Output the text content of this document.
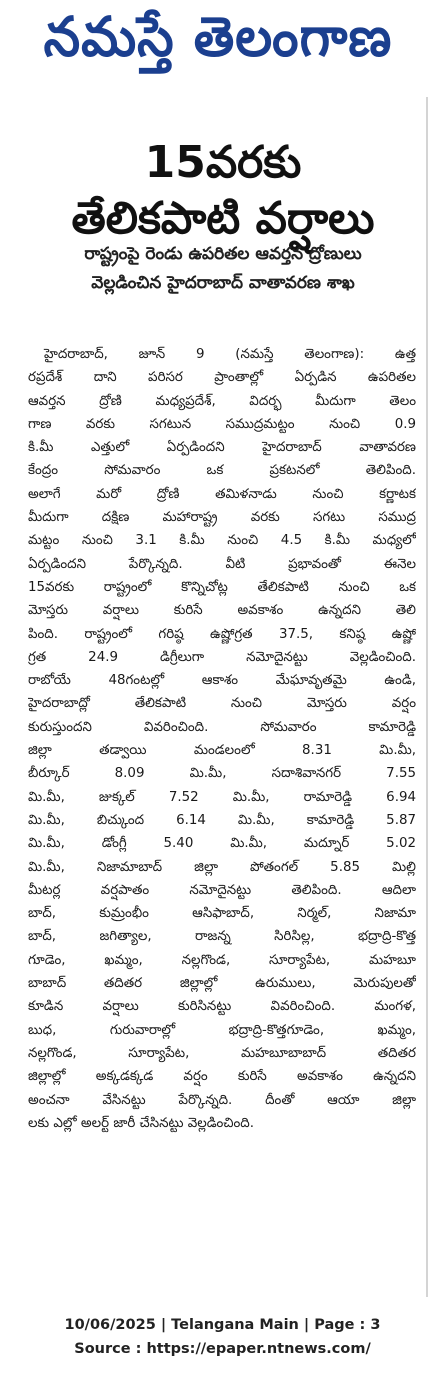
నమస్తే తెలంగాణ
15వరకు
తేలికపాటి వర్షాలు
రాష్ట్రంపై రెండు ఉపరితల ఆవర్తన ద్రోణులు
వెల్లడించిన హైదరాబాద్ వాతావరణ శాఖ
హైదరాబాద్, జూన్ 9 (నమస్తే తెలంగాణ): ఉత్త
రప్రదేశ్ దాని పరిసర ప్రాంతాల్లో ఏర్పడిన ఉపరితల
ఆవర్తన ద్రోణి మధ్యప్రదేశ్, విదర్భ మీదుగా తెలం
గాణ వరకు సగటున సముద్రమట్టం నుంచి 0.9
కి.మీ ఎత్తులో ఏర్పడిందని హైదరాబాద్ వాతావరణ
కేంద్రం సోమవారం ఒక ప్రకటనలో తెలిపింది.
అలాగే మరో ద్రోణి తమిళనాడు నుంచి కర్ణాటక
మీదుగా దక్షిణ మహారాష్ట్ర వరకు సగటు సముద్ర
మట్టం నుంచి 3.1 కి.మీ నుంచి 4.5 కి.మీ మధ్యలో
ఏర్పడిందని పేర్కొన్నది. వీటి ప్రభావంతో ఈనెల
15వరకు రాష్ట్రంలో కొన్నిచోట్ల తేలికపాటి నుంచి ఒక
మోస్తరు వర్షాలు కురిసే అవకాశం ఉన్నదని తెలి
పింది. రాష్ట్రంలో గరిష్ఠ ఉష్ణోగ్రత 37.5, కనిష్ఠ ఉష్ణో
గ్రత 24.9 డిగ్రీలుగా నమోదైనట్టు వెల్లడించింది.
రాబోయే 48గంటల్లో ఆకాశం మేఘావృతమై ఉండి,
హైదరాబాద్లో తేలికపాటి నుంచి మోస్తరు వర్షం
కురుస్తుందని వివరించింది. సోమవారం కామారెడ్డి
జిల్లా తడ్వాయి మండలంలో 8.31 మి.మీ,
బీర్కూర్ 8.09 మి.మీ, సదాశివానగర్ 7.55
మి.మీ, జుక్కల్ 7.52 మి.మీ, రామారెడ్డి 6.94
మి.మీ, బిచ్కుంద 6.14 మి.మీ, కామారెడ్డి 5.87
మి.మీ, డోంగ్లీ 5.40 మి.మీ, మద్నూర్ 5.02
మి.మీ, నిజామాబాద్ జిల్లా పోతంగల్ 5.85 మిల్లి
మీటర్ల వర్షపాతం నమోదైనట్టు తెలిపింది. ఆదిలా
బాద్, కుమ్రంభీం ఆసిఫాబాద్, నిర్మల్, నిజామా
బాద్, జగిత్యాల, రాజన్న సిరిసిల్ల, భద్రాద్రి-కొత్త
గూడెం, ఖమ్మం, నల్లగొండ, సూర్యాపేట, మహబూ
బాబాద్ తదితర జిల్లాల్లో ఉరుములు, మెరుపులతో
కూడిన వర్షాలు కురిసినట్టు వివరించింది. మంగళ,
బుధ, గురువారాల్లో భద్రాద్రి-కొత్తగూడెం, ఖమ్మం,
నల్లగొండ, సూర్యాపేట, మహబూబాబాద్ తదితర
జిల్లాల్లో అక్కడక్కడ వర్షం కురిసే అవకాశం ఉన్నదని
అంచనా వేసినట్టు పేర్కొన్నది. దీంతో ఆయా జిల్లా
లకు ఎల్లో అలర్ట్ జారీ చేసినట్టు వెల్లడించింది.
10/06/2025 | Telangana Main | Page : 3
Source : https://epaper.ntnews.com/
